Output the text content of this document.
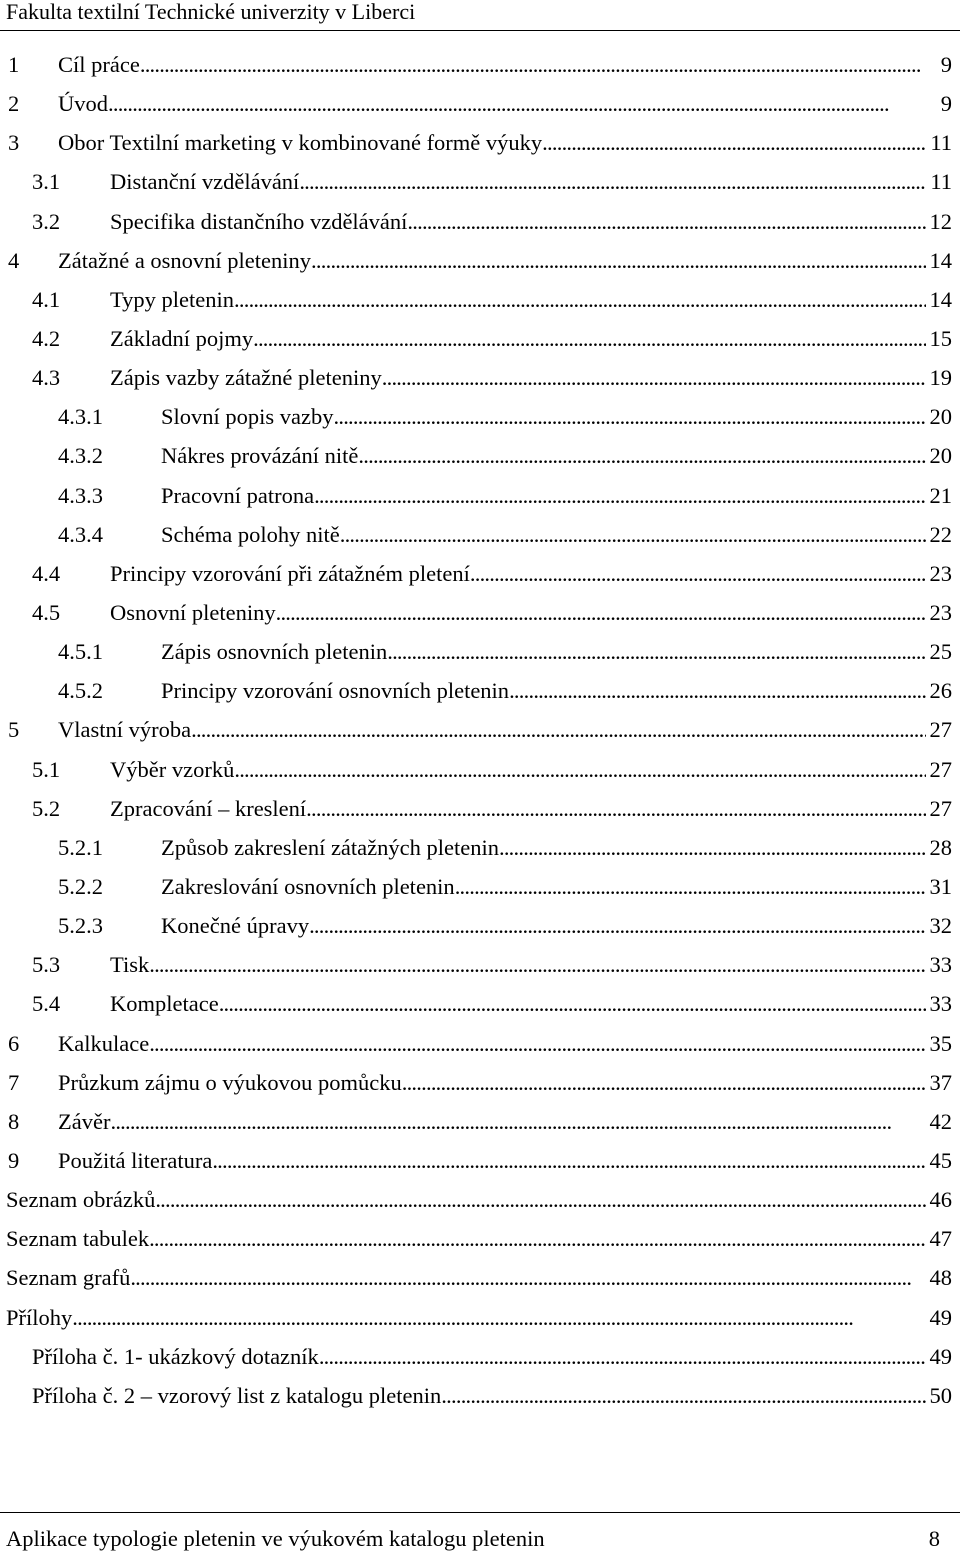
Fakulta textilní Technické univerzity v Liberci
1 Cíl práce . . .	9
2 Úvod . . .	9
3 Obor Textilní marketing v kombinované formě výuky . . .	11
3.1 Distanční vzdělávání . . .	11
3.2 Specifika distančního vzdělávání . . .	12
4 Zátažné a osnovní pleteniny . . .	14
4.1 Typy pletenin . . .	14
4.2 Základní pojmy . . .	15
4.3 Zápis vazby zátažné pleteniny . . .	19
4.3.1	Slovní popis vazby . . .	20
4.3.2	Nákres provázání nitě . . .	20
4.3.3	Pracovní patrona . . .	21
4.3.4	Schéma polohy nitě . . .	22
4.4 Principy vzorování při zátažném pletení . . .	23
4.5 Osnovní pleteniny . . .	23
4.5.1	Zápis osnovních pletenin . . .	25
4.5.2	Principy vzorování osnovních pletenin . . .	26
5 Vlastní výroba . . .	27
5.1 Výběr vzorků . . .	27
5.2 Zpracování – kreslení . . .	27
5.2.1	Způsob zakreslení zátažných pletenin . . .	28
5.2.2	Zakreslování osnovních pletenin . . .	31
5.2.3	Konečné úpravy . . .	32
5.3 Tisk . . .	33
5.4 Kompletace . . .	33
6 Kalkulace . . .	35
7 Průzkum zájmu o výukovou pomůcku . . .	37
8 Závěr . . .	42
9 Použitá literatura . . .	45
Seznam obrázků . . .	46
Seznam tabulek . . .	47
Seznam grafů . . .	48
Přílohy . . .	49
Příloha č. 1- ukázkový dotazník . . .	49
Příloha č. 2 – vzorový list z katalogu pletenin . . .	50
Aplikace typologie pletenin ve výukovém katalogu pletenin	8
